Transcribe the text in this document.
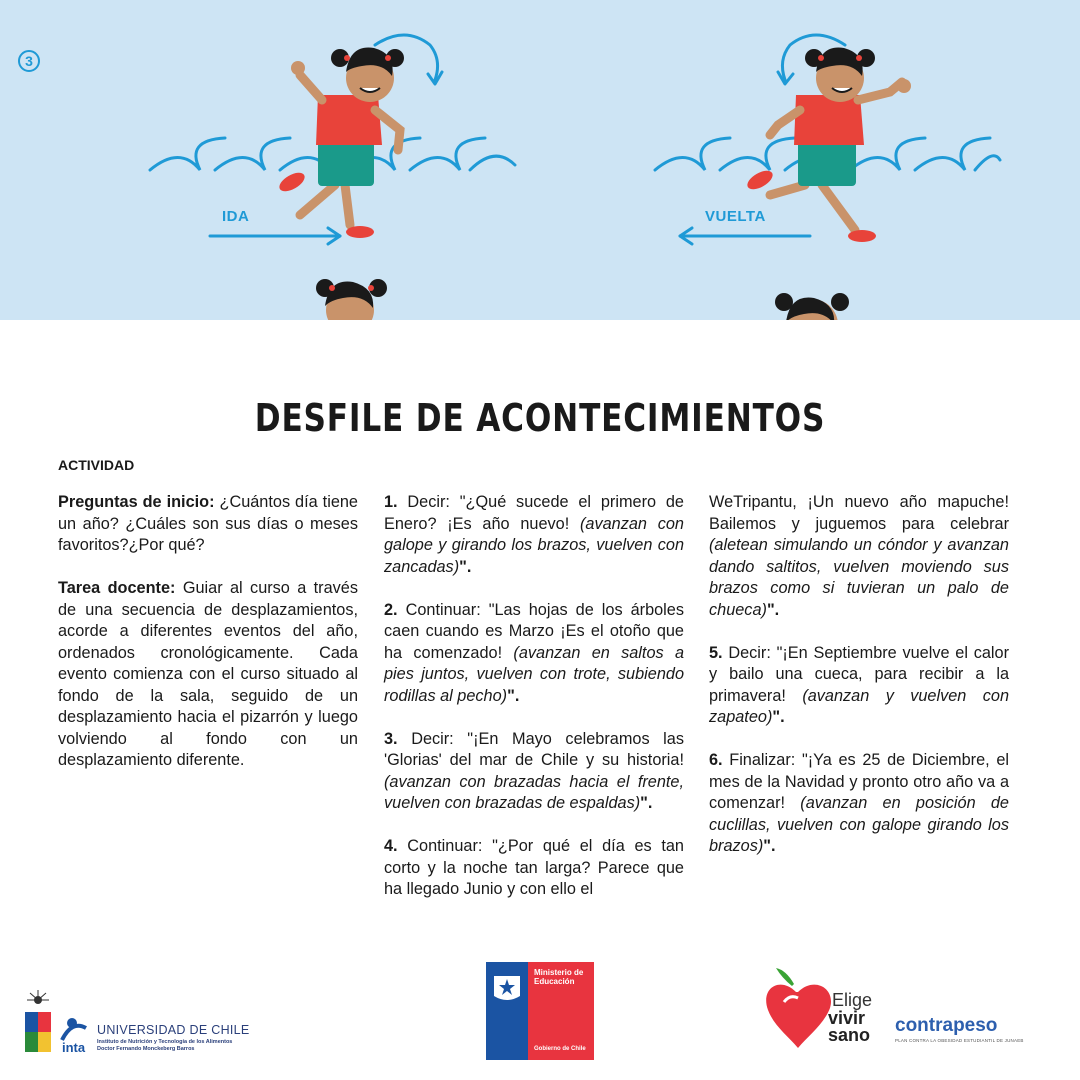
3
IDA	VUELTA
DESFILE DE ACONTECIMIENTOS
ACTIVIDAD

Preguntas de inicio: ¿Cuántos día tiene un año? ¿Cuáles son sus días o meses favoritos?¿Por qué?

Tarea docente: Guiar al curso a través de una secuencia de desplazamientos, acorde a diferentes eventos del año, ordenados cronológicamente. Cada evento comienza con el curso situado al fondo de la sala, seguido de un desplazamiento hacia el pizarrón y luego volviendo al fondo con un desplazamiento diferente.

1. Decir: "¿Qué sucede el primero de Enero? ¡Es año nuevo! (avanzan con galope y girando los brazos, vuelven con zancadas)".

2. Continuar: "Las hojas de los árboles caen cuando es Marzo ¡Es el otoño que ha comenzado! (avanzan en saltos a pies juntos, vuelven con trote, subiendo rodillas al pecho)".

3. Decir: "¡En Mayo celebramos las 'Glorias' del mar de Chile y su historia! (avanzan con brazadas hacia el frente, vuelven con brazadas de espaldas)".

4. Continuar: "¿Por qué el día es tan corto y la noche tan larga? Parece que ha llegado Junio y con ello el

WeTripantu, ¡Un nuevo año mapuche! Bailemos y juguemos para celebrar (aletean simulando un cóndor y avanzan dando saltitos, vuelven moviendo sus brazos como si tuvieran un palo de chueca)".

5. Decir: "¡En Septiembre vuelve el calor y bailo una cueca, para recibir a la primavera! (avanzan y vuelven con zapateo)".

6. Finalizar: "¡Ya es 25 de Diciembre, el mes de la Navidad y pronto otro año va a comenzar! (avanzan en posición de cuclillas, vuelven con galope girando los brazos)".

inta
UNIVERSIDAD DE CHILE
Instituto de Nutrición y Tecnología de los Alimentos Doctor Fernando Monckeberg Barros
Ministerio de Educación
Gobierno de Chile
Elige
vivir
sano contrapeso
PLAN CONTRA LA OBESIDAD ESTUDIANTIL DE JUNAEB
